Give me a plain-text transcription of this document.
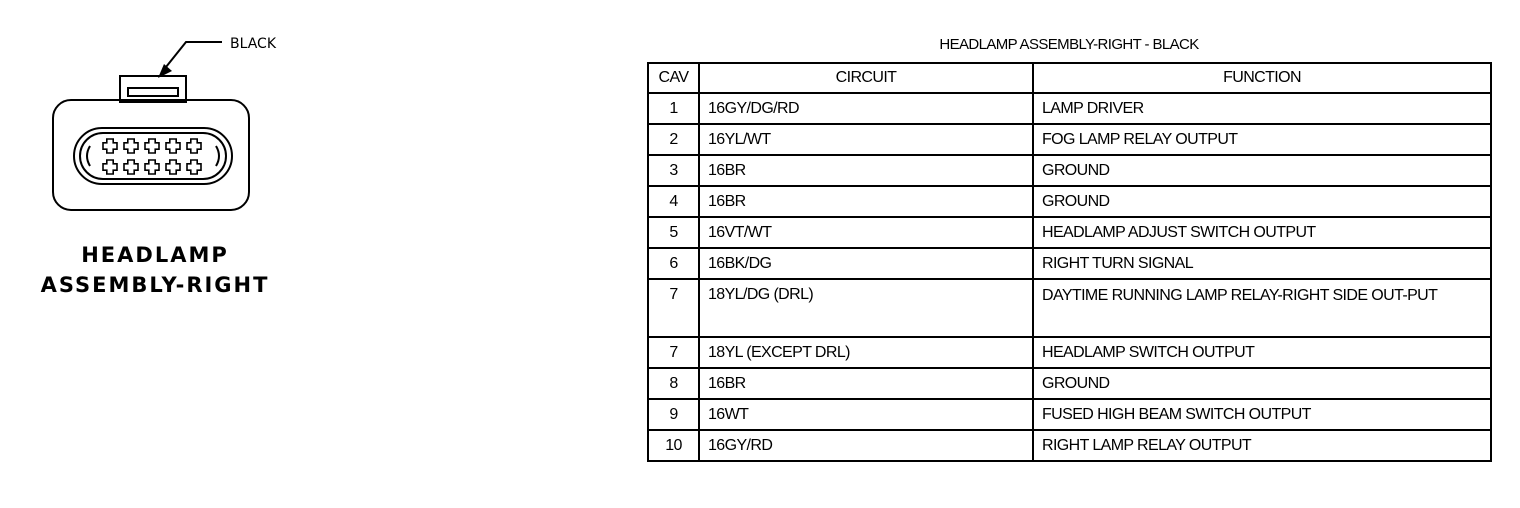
BLACK
HEADLAMP
ASSEMBLY-RIGHT
HEADLAMP ASSEMBLY-RIGHT - BLACK
CAV	CIRCUIT	FUNCTION
1	16GY/DG/RD	LAMP DRIVER
2	16YL/WT	FOG LAMP RELAY OUTPUT
3	16BR	GROUND
4	16BR	GROUND
5	16VT/WT	HEADLAMP ADJUST SWITCH OUTPUT
6	16BK/DG	RIGHT TURN SIGNAL
7	18YL/DG (DRL)	DAYTIME RUNNING LAMP RELAY-RIGHT SIDE OUT-PUT
7	18YL (EXCEPT DRL)	HEADLAMP SWITCH OUTPUT
8	16BR	GROUND
9	16WT	FUSED HIGH BEAM SWITCH OUTPUT
10	16GY/RD	RIGHT LAMP RELAY OUTPUT
